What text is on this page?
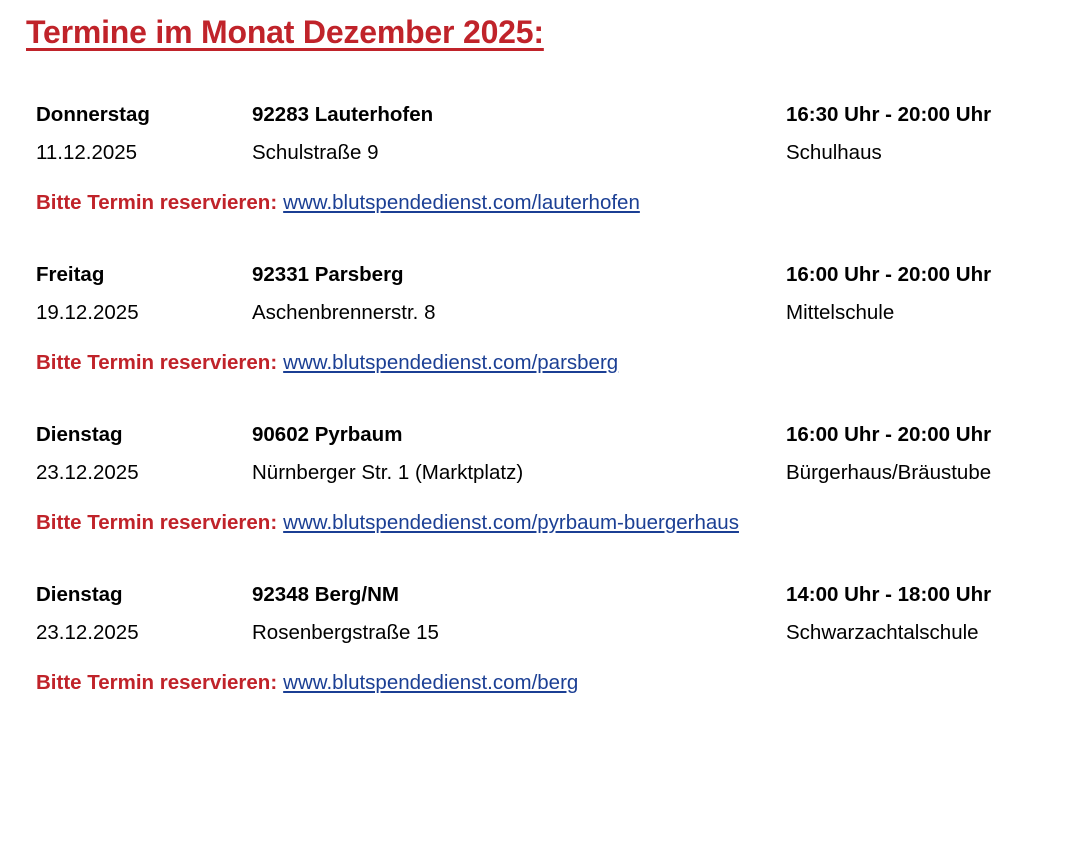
Termine im Monat Dezember 2025:
Donnerstag	92283 Lauterhofen	16:30 Uhr - 20:00 Uhr
11.12.2025	Schulstraße 9	Schulhaus
Bitte Termin reservieren: www.blutspendedienst.com/lauterhofen
Freitag	92331 Parsberg	16:00 Uhr - 20:00 Uhr
19.12.2025	Aschenbrennerstr. 8	Mittelschule
Bitte Termin reservieren: www.blutspendedienst.com/parsberg
Dienstag	90602 Pyrbaum	16:00 Uhr - 20:00 Uhr
23.12.2025	Nürnberger Str. 1 (Marktplatz)	Bürgerhaus/Bräustube
Bitte Termin reservieren: www.blutspendedienst.com/pyrbaum-buergerhaus
Dienstag	92348 Berg/NM	14:00 Uhr - 18:00 Uhr
23.12.2025	Rosenbergstraße 15	Schwarzachtalschule
Bitte Termin reservieren: www.blutspendedienst.com/berg
